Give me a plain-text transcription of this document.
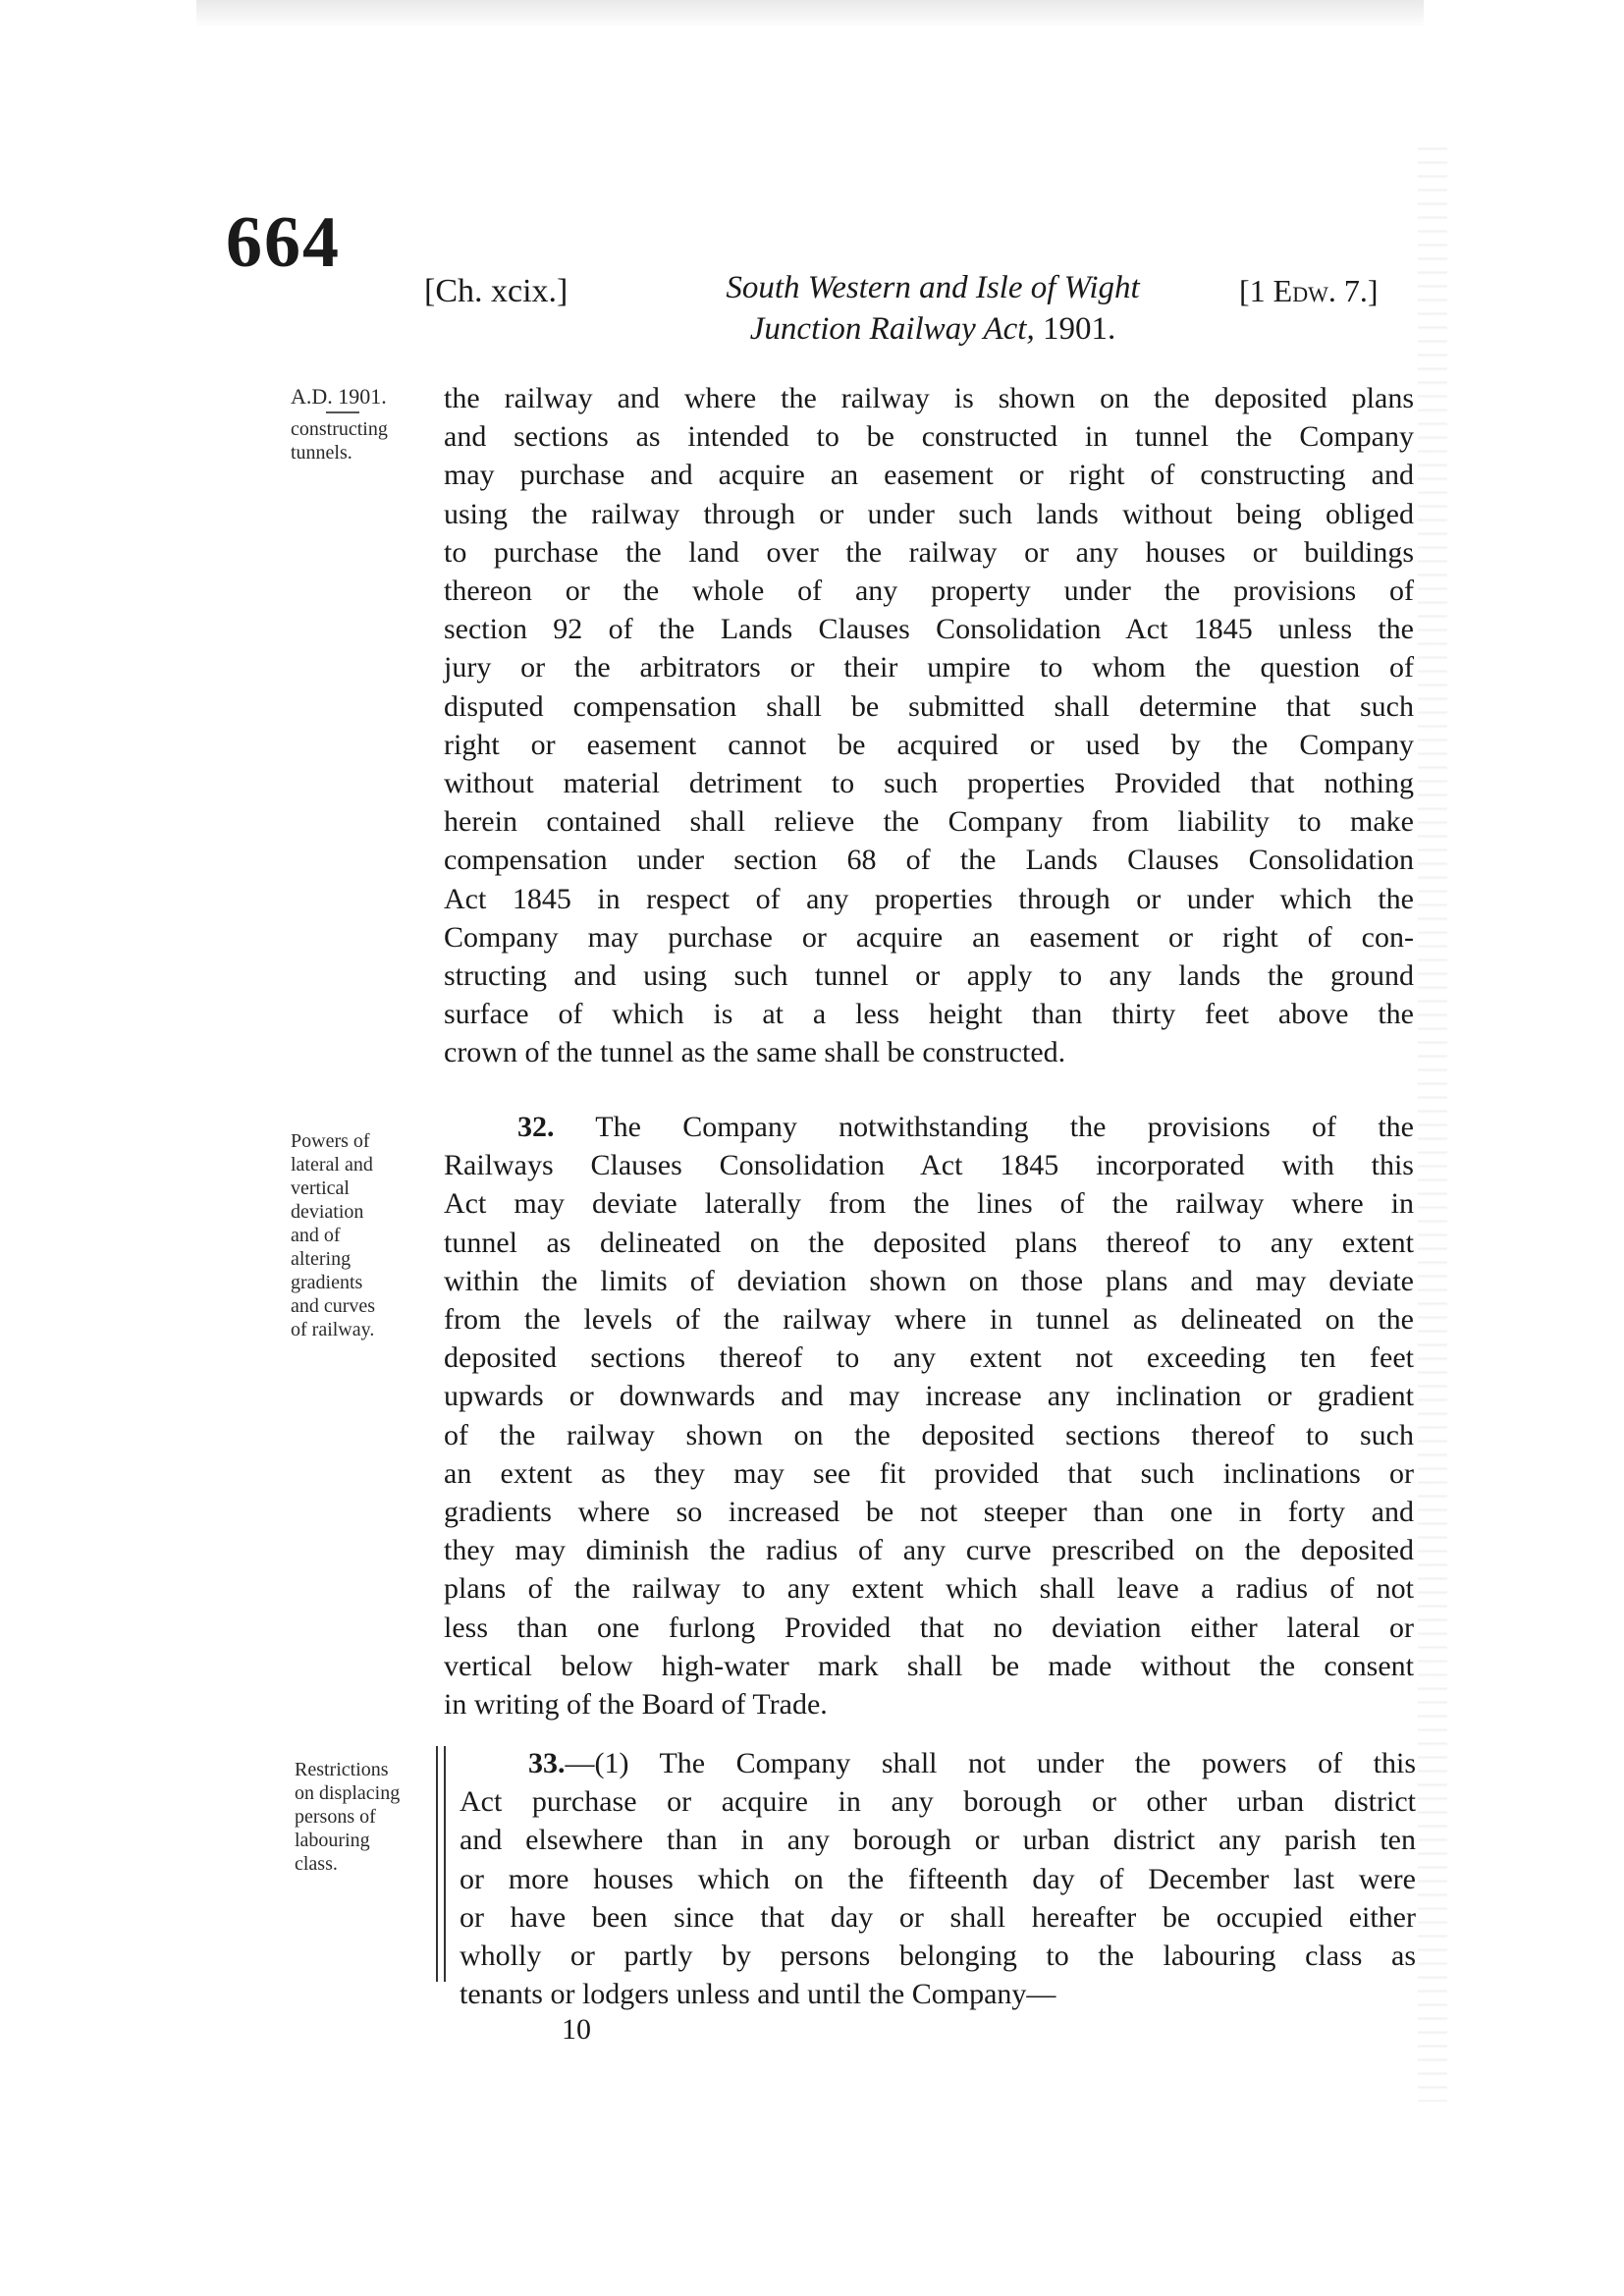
664
[Ch. xcix.]	South Western and Isle of Wight
Junction Railway Act, 1901.
[1 Edw. 7.]
A.D. 1901.
constructing
tunnels.
Powers of
lateral and
vertical
deviation
and of
altering
gradients
and curves
of railway.
Restrictions
on displacing
persons of
labouring
class.
the railway and where the railway is shown on the deposited plans
and sections as intended to be constructed in tunnel the Company
may purchase and acquire an easement or right of constructing and
using the railway through or under such lands without being obliged
to purchase the land over the railway or any houses or buildings
thereon or the whole of any property under the provisions of
section 92 of the Lands Clauses Consolidation Act 1845 unless the
jury or the arbitrators or their umpire to whom the question of
disputed compensation shall be submitted shall determine that such
right or easement cannot be acquired or used by the Company
without material detriment to such properties Provided that nothing
herein contained shall relieve the Company from liability to make
compensation under section 68 of the Lands Clauses Consolidation
Act 1845 in respect of any properties through or under which the
Company may purchase or acquire an easement or right of con-
structing and using such tunnel or apply to any lands the ground
surface of which is at a less height than thirty feet above the
crown of the tunnel as the same shall be constructed.
32. The Company notwithstanding the provisions of the
Railways Clauses Consolidation Act 1845 incorporated with this
Act may deviate laterally from the lines of the railway where in
tunnel as delineated on the deposited plans thereof to any extent
within the limits of deviation shown on those plans and may deviate
from the levels of the railway where in tunnel as delineated on the
deposited sections thereof to any extent not exceeding ten feet
upwards or downwards and may increase any inclination or gradient
of the railway shown on the deposited sections thereof to such
an extent as they may see fit provided that such inclinations or
gradients where so increased be not steeper than one in forty and
they may diminish the radius of any curve prescribed on the deposited
plans of the railway to any extent which shall leave a radius of not
less than one furlong Provided that no deviation either lateral or
vertical below high-water mark shall be made without the consent
in writing of the Board of Trade.
33.—(1) The Company shall not under the powers of this
Act purchase or acquire in any borough or other urban district
and elsewhere than in any borough or urban district any parish ten
or more houses which on the fifteenth day of December last were
or have been since that day or shall hereafter be occupied either
wholly or partly by persons belonging to the labouring class as
tenants or lodgers unless and until the Company—
10
